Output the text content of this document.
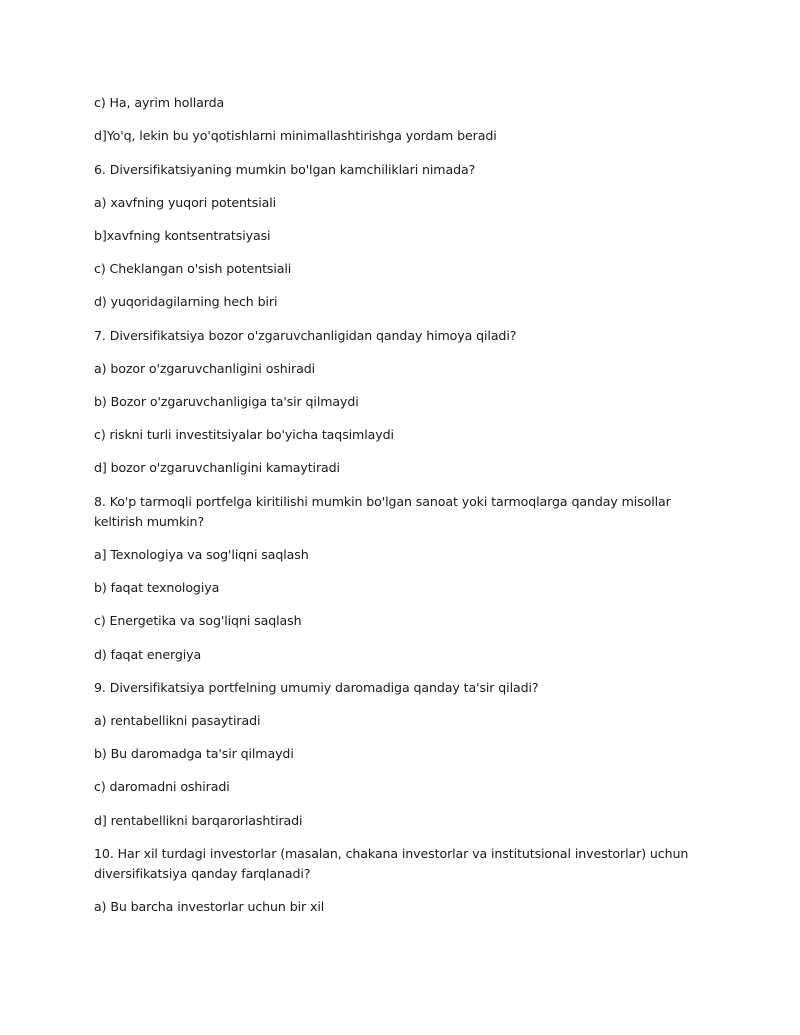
c) Ha, ayrim hollarda
d]Yo'q, lekin bu yo'qotishlarni minimallashtirishga yordam beradi
6. Diversifikatsiyaning mumkin bo'lgan kamchiliklari nimada?
a) xavfning yuqori potentsiali
b]xavfning kontsentratsiyasi
c) Cheklangan o'sish potentsiali
d) yuqoridagilarning hech biri
7. Diversifikatsiya bozor o'zgaruvchanligidan qanday himoya qiladi?
a) bozor o'zgaruvchanligini oshiradi
b) Bozor o'zgaruvchanligiga ta'sir qilmaydi
c) riskni turli investitsiyalar bo'yicha taqsimlaydi
d] bozor o'zgaruvchanligini kamaytiradi
8. Ko'p tarmoqli portfelga kiritilishi mumkin bo'lgan sanoat yoki tarmoqlarga qanday misollar keltirish mumkin?
a] Texnologiya va sog'liqni saqlash
b) faqat texnologiya
c) Energetika va sog'liqni saqlash
d) faqat energiya
9. Diversifikatsiya portfelning umumiy daromadiga qanday ta'sir qiladi?
a) rentabellikni pasaytiradi
b) Bu daromadga ta'sir qilmaydi
c) daromadni oshiradi
d] rentabellikni barqarorlashtiradi
10. Har xil turdagi investorlar (masalan, chakana investorlar va institutsional investorlar) uchun diversifikatsiya qanday farqlanadi?
a) Bu barcha investorlar uchun bir xil
